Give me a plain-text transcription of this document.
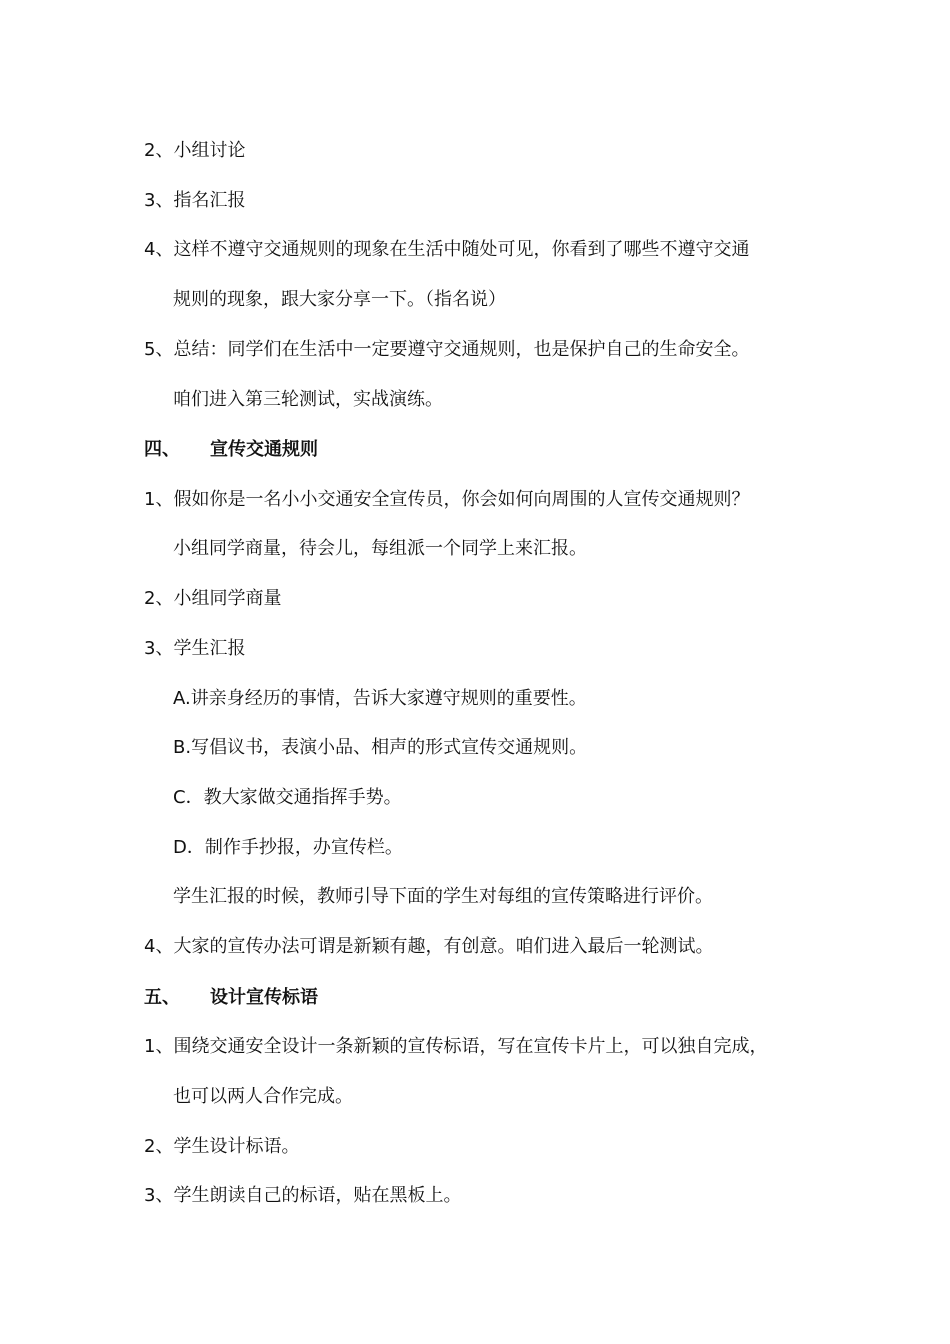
2、小组讨论
3、指名汇报
4、这样不遵守交通规则的现象在生活中随处可见，你看到了哪些不遵守交通
规则的现象，跟大家分享一下。（指名说）
5、总结：同学们在生活中一定要遵守交通规则，也是保护自己的生命安全。
咱们进入第三轮测试，实战演练。
四、 宣传交通规则
1、假如你是一名小小交通安全宣传员，你会如何向周围的人宣传交通规则？
小组同学商量，待会儿，每组派一个同学上来汇报。
2、小组同学商量
3、学生汇报
A.讲亲身经历的事情，告诉大家遵守规则的重要性。
B.写倡议书，表演小品、相声的形式宣传交通规则。
C．教大家做交通指挥手势。
D．制作手抄报，办宣传栏。
学生汇报的时候，教师引导下面的学生对每组的宣传策略进行评价。
4、大家的宣传办法可谓是新颖有趣，有创意。咱们进入最后一轮测试。
五、 设计宣传标语
1、围绕交通安全设计一条新颖的宣传标语，写在宣传卡片上，可以独自完成，
也可以两人合作完成。
2、学生设计标语。
3、学生朗读自己的标语，贴在黑板上。
